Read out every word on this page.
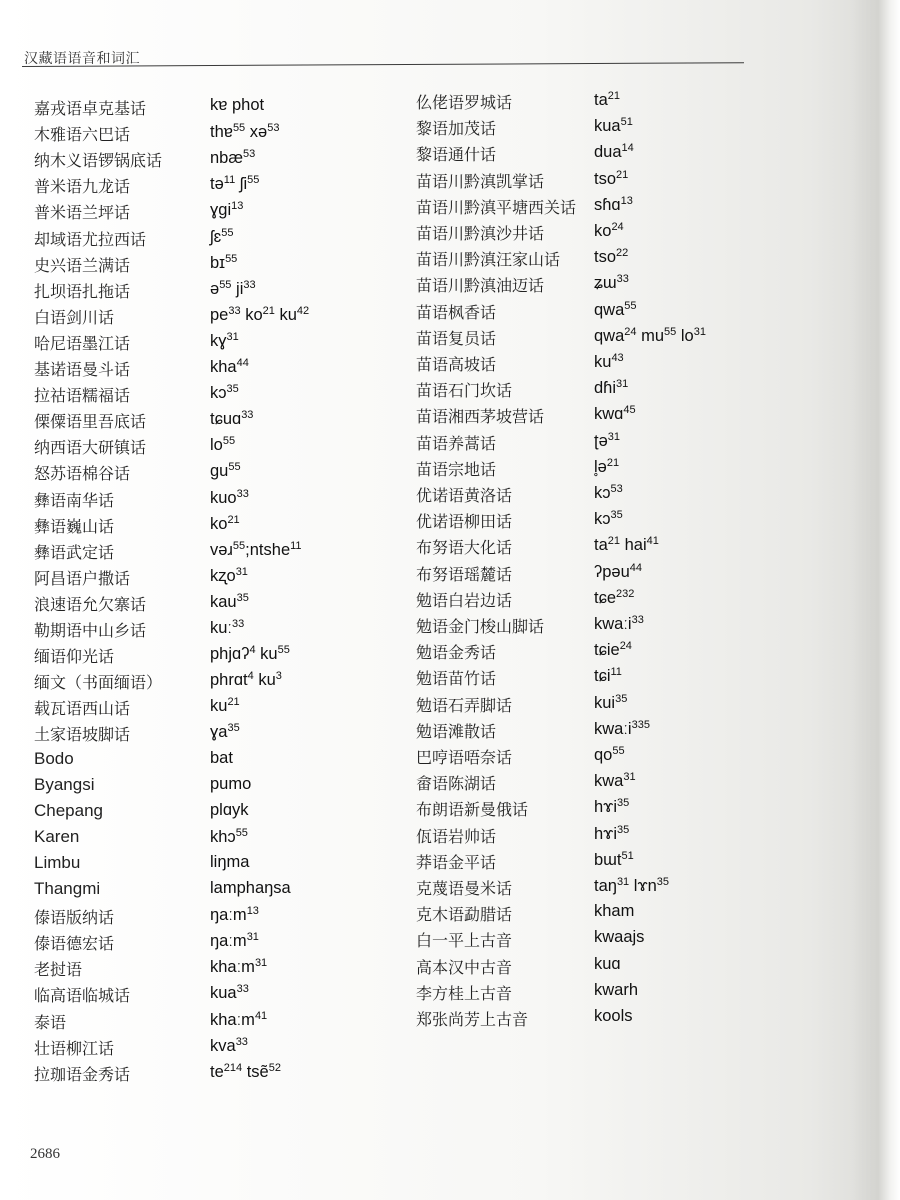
汉藏语语音和词汇
嘉戎语卓克基话	kɐ phot
木雅语六巴话	thɐ$^{55}$ xə$^{53}$
纳木义语锣锅底话	nbæ$^{53}$
普米语九龙话	tə$^{11}$ ʃi$^{55}$
普米语兰坪话	ɣgi$^{13}$
却域语尤拉西话	ʃɛ$^{55}$
史兴语兰满话	bɪ$^{55}$
扎坝语扎拖话	ə$^{55}$ $ji^{33}$
白语剑川话	$pe^{33}$ $ko^{21}$ $ku^{42}$
哈尼语墨江话	kɣ$^{31}$
基诺语曼斗话	kha$^{44}$
拉祜语糯福话	kɔ$^{35}$
傈僳语里吾底话	tɕuɑ$^{33}$
纳西语大研镇话	$lo^{55}$
怒苏语棉谷话	$gu^{55}$
彝语南华话	kuo$^{33}$
彝语巍山话	$ko^{21}$
彝语武定话	vəɹ$^{55}$;ntshe$^{11}$
阿昌语户撒话	kʐo$^{31}$
浪速语允欠寨话	kau$^{35}$
勒期语中山乡话	kuː$^{33}$
缅语仰光话	phjɑʔ$^4$ $ku^{55}$
缅文（书面缅语）	phrɑt$^4$ $ku^3$
载瓦语西山话	$ku^{21}$
土家语坡脚话	ɣa$^{35}$
Bodo	bat
Byangsi	pumo
Chepang	plɑyk
Karen	khɔ$^{55}$
Limbu	liŋma
Thangmi	lamphaŋsa
傣语版纳话	ŋaːm$^{13}$
傣语德宏话	ŋaːm$^{31}$
老挝语	khaːm$^{31}$
临高语临城话	kua$^{33}$
泰语	khaːm$^{41}$
壮语柳江话	kva$^{33}$
拉珈语金秀话	$te^{214}$ tsẽ$^{52}$
仫佬语罗城话	$ta^{21}$
黎语加茂话	kua$^{51}$
黎语通什话	dua$^{14}$
苗语川黔滇凯掌话	tso$^{21}$
苗语川黔滇平塘西关话 sɦɑ$^{13}$
苗语川黔滇沙井话	$ko^{24}$
苗语川黔滇汪家山话 tso$^{22}$
苗语川黔滇油迈话	ʑɯ$^{33}$
苗语枫香话	qwa$^{55}$
苗语复员话	qwa$^{24}$ $mu^{55}$ $lo^{31}$
苗语高坡话	$ku^{43}$
苗语石门坎话	dɦi$^{31}$
苗语湘西茅坡营话	kwɑ$^{45}$
苗语养蒿话	ʈə$^{31}$
苗语宗地话	l̥ə$^{21}$
优诺语黄洛话	kɔ$^{53}$
优诺语柳田话	kɔ$^{35}$
布努语大化话	$ta^{21}$ hai$^{41}$
布努语瑶麓话	ʔpəu$^{44}$
勉语白岩边话	tɕe$^{232}$
勉语金门梭山脚话	kwaːi$^{33}$
勉语金秀话	tɕie$^{24}$
勉语苗竹话	tɕi$^{11}$
勉语石弄脚话	kui$^{35}$
勉语滩散话	kwaːi$^{335}$
巴哼语唔奈话	$qo^{55}$
畲语陈湖话	kwa$^{31}$
布朗语新曼俄话	hɤi$^{35}$
佤语岩帅话	hɤi$^{35}$
莽语金平话	bɯt$^{51}$
克蔑语曼米话	taŋ$^{31}$ lɤn$^{35}$
克木语勐腊话	kham
白一平上古音	kwaajs
高本汉中古音	kuɑ
李方桂上古音	kwarh
郑张尚芳上古音	kools
2686
